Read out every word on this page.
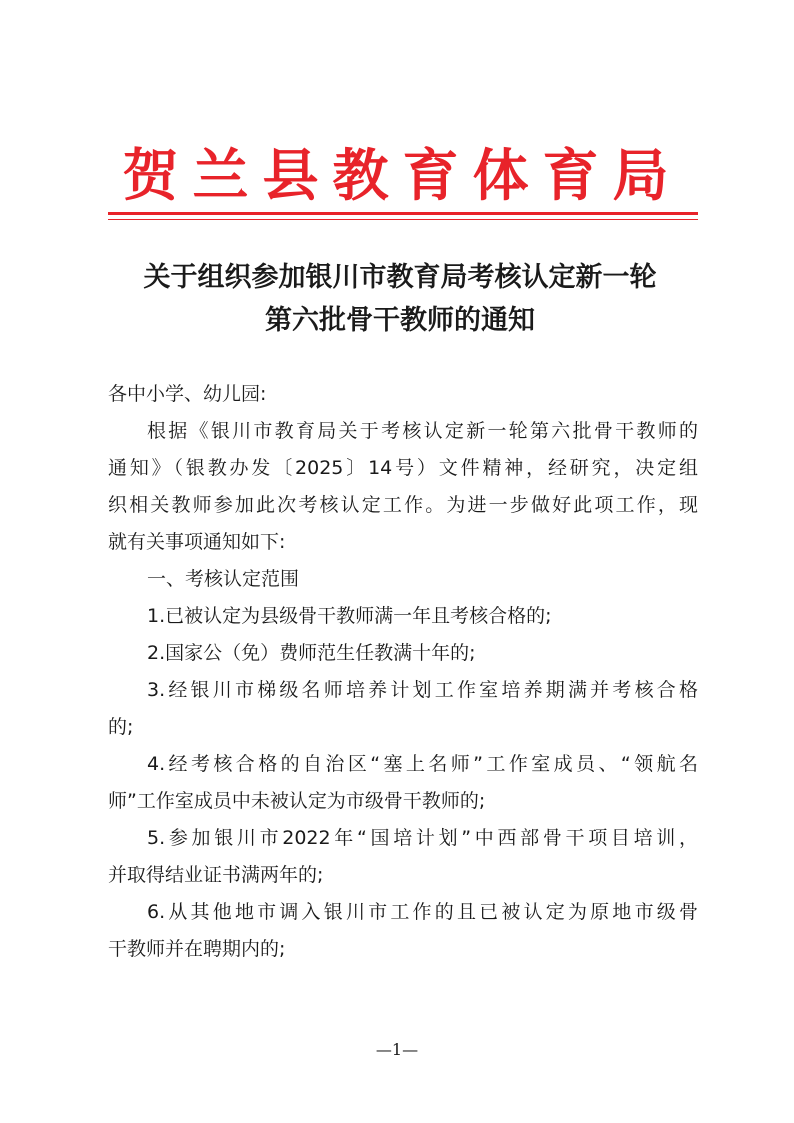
贺兰县教育体育局
关于组织参加银川市教育局考核认定新一轮
第六批骨干教师的通知
各中小学、幼儿园:
根据《银川市教育局关于考核认定新一轮第六批骨干教师的
通知》（银教办发〔2025〕14号）文件精神，经研究，决定组
织相关教师参加此次考核认定工作。为进一步做好此项工作，现
就有关事项通知如下:
一、考核认定范围
1.已被认定为县级骨干教师满一年且考核合格的;
2.国家公（免）费师范生任教满十年的;
3.经银川市梯级名师培养计划工作室培养期满并考核合格
的;
4.经考核合格的自治区“塞上名师”工作室成员、“领航名
师”工作室成员中未被认定为市级骨干教师的;
5.参加银川市2022年“国培计划”中西部骨干项目培训，
并取得结业证书满两年的;
6.从其他地市调入银川市工作的且已被认定为原地市级骨
干教师并在聘期内的;
—1—
